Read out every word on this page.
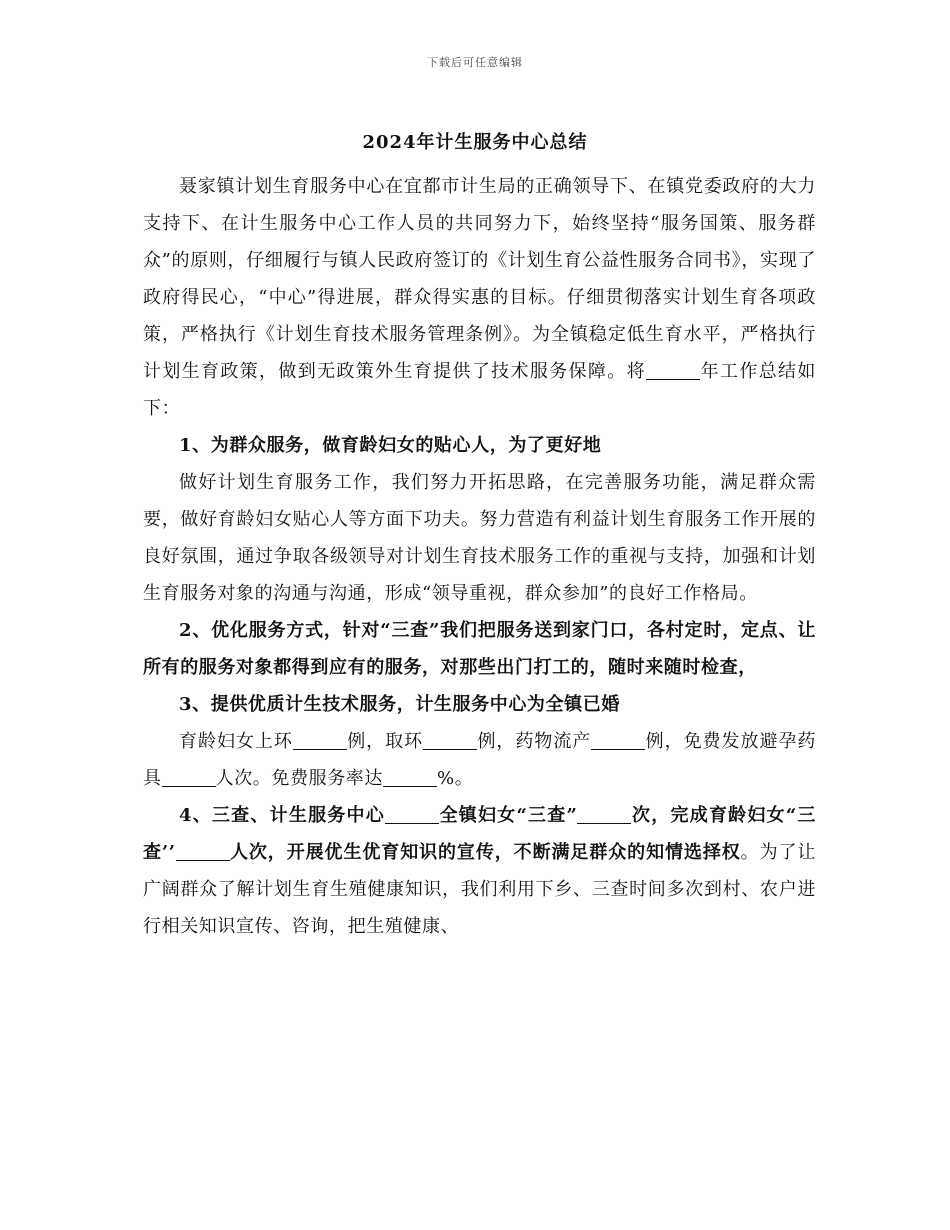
下载后可任意编辑
2024年计生服务中心总结

聂家镇计划生育服务中心在宜都市计生局的正确领导下、在镇党委政府的大力支持下、在计生服务中心工作人员的共同努力下，始终坚持“服务国策、服务群众”的原则，仔细履行与镇人民政府签订的《计划生育公益性服务合同书》，实现了政府得民心，“中心”得进展，群众得实惠的目标。仔细贯彻落实计划生育各项政策，严格执行《计划生育技术服务管理条例》。为全镇稳定低生育水平，严格执行计划生育政策，做到无政策外生育提供了技术服务保障。将	年工作总结如下：

1、为群众服务，做育龄妇女的贴心人，为了更好地

做好计划生育服务工作，我们努力开拓思路，在完善服务功能，满足群众需要，做好育龄妇女贴心人等方面下功夫。努力营造有利益计划生育服务工作开展的良好氛围，通过争取各级领导对计划生育技术服务工作的重视与支持，加强和计划生育服务对象的沟通与沟通，形成“领导重视，群众参加”的良好工作格局。

2、优化服务方式，针对“三查”我们把服务送到家门口，各村定时，定点、让所有的服务对象都得到应有的服务，对那些出门打工的，随时来随时检查，

3、提供优质计生技术服务，计生服务中心为全镇已婚

育龄妇女上环	例，取环	例，药物流产	例，免费发放避孕药具	人次。免费服务率达	%。

4、三查、计生服务中心	全镇妇女“三查”	次，完成育龄妇女“三查’’	人次，开展优生优育知识的宣传，不断满足群众的知情选择权。为了让广阔群众了解计划生育生殖健康知识，我们利用下乡、三查时间多次到村、农户进行相关知识宣传、咨询，把生殖健康、
